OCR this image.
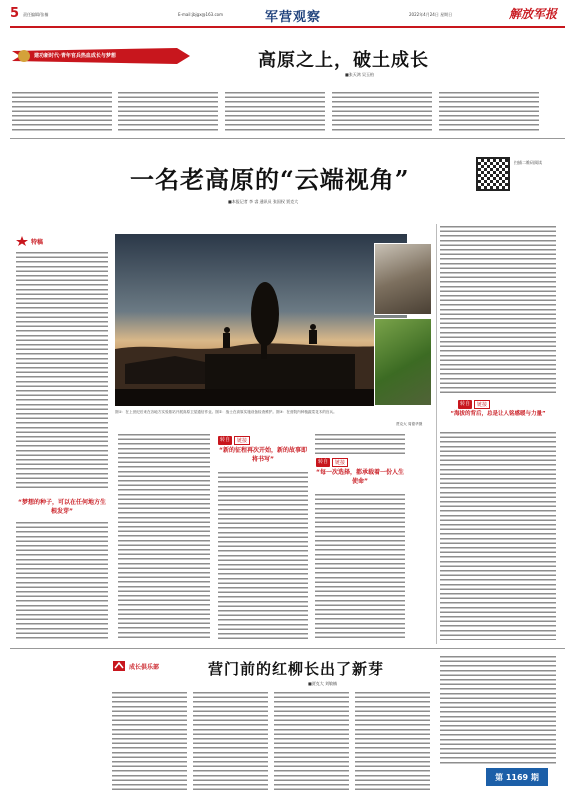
5 责任编辑/张楠	E-mail:jbjgx@163.com	军营观察	2022年4月24日 星期日	解放军报
建功新时代·青年官兵热血成长与梦想	高原之上，破土成长
■张天鸿 吴玉柏
一名老高原的“云端视角”
■本报记者 李 睿 通讯员 张国权 贾克大
扫描二维码阅读
特稿
“梦想的种子，可以在任何地方生根发芽”
图①：在上世纪后来在各地方实验基站开展高原卫星通信作业。图②：战士在高原实施设备检查维护。图③：在营院内种植蔬菜花木的官兵。
贾克大 周德华摄
转自	链接
“新的征程再次开始，新的故事即将书写”	转自	链接
“每一次选择，都承载着一份人生使命”
转自	链接
“海拔的背后，总是让人铭感暖与力量”
成长俱乐部	营门前的红柳长出了新芽
■贾克大 刘敏楠
第 1169 期
